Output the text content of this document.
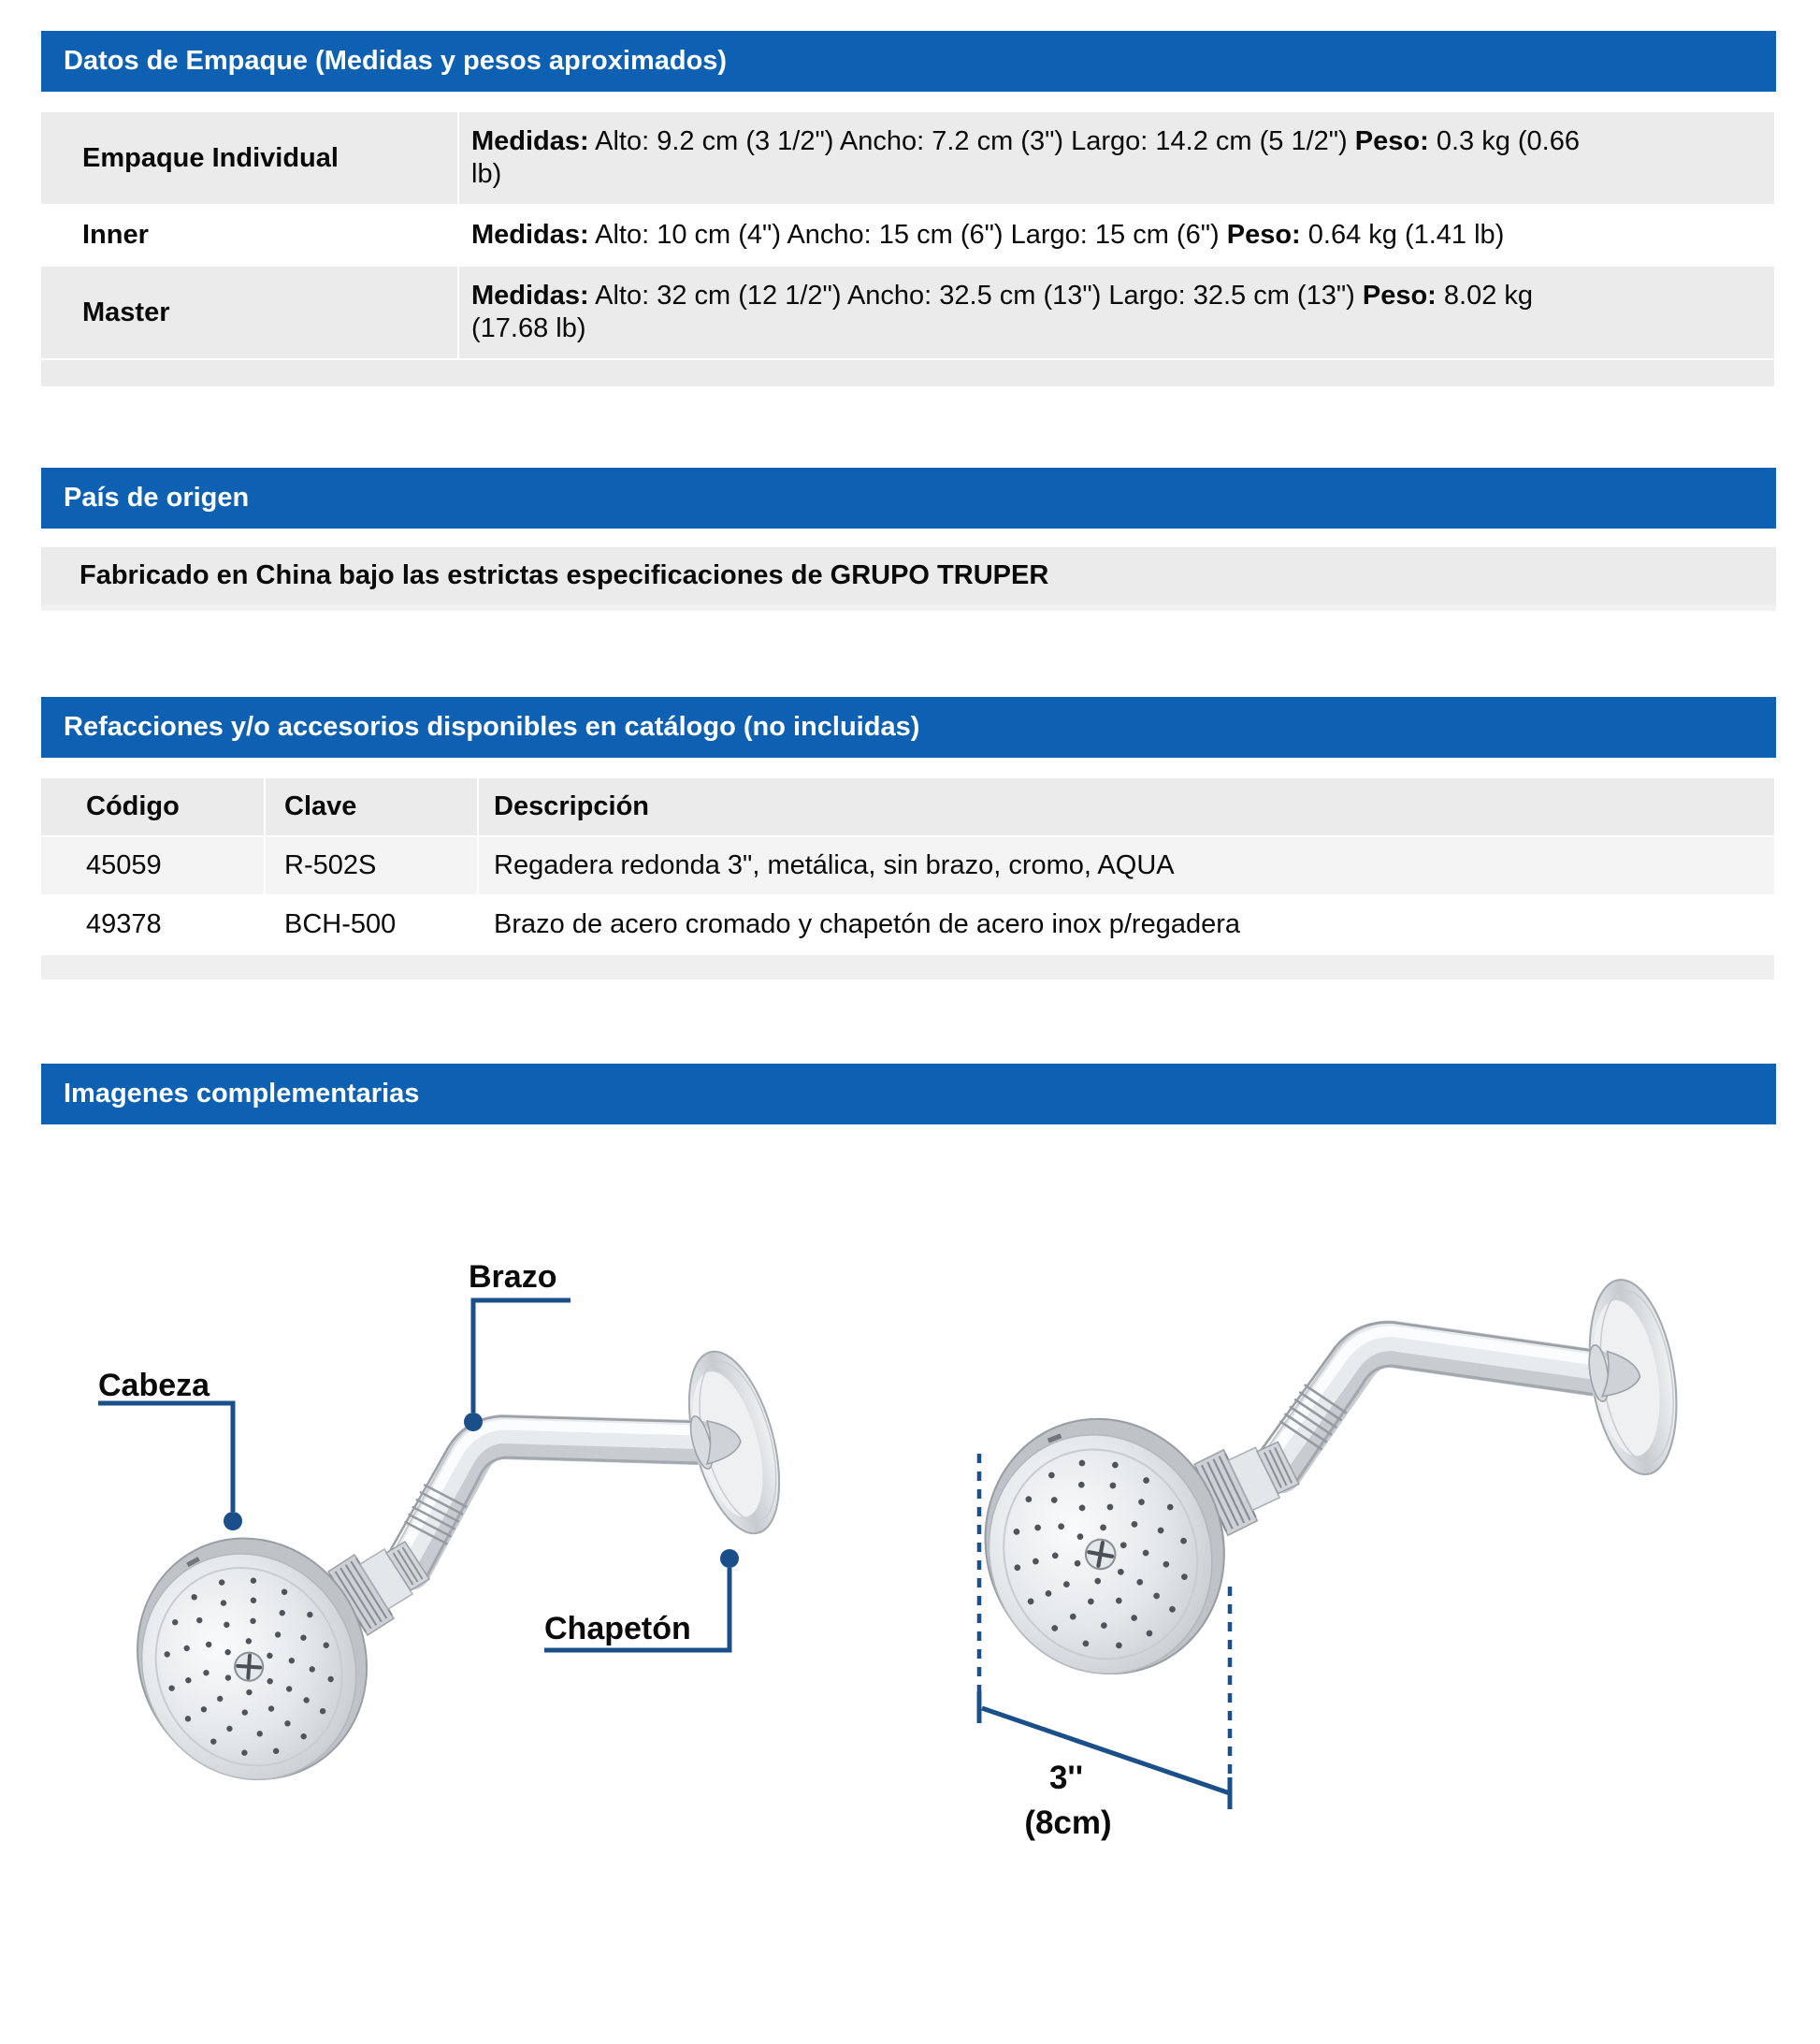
Datos de Empaque (Medidas y pesos aproximados)
Empaque Individual	Medidas: Alto: 9.2 cm (3 1/2") Ancho: 7.2 cm (3") Largo: 14.2 cm (5 1/2") Peso: 0.3 kg (0.66 lb)
Inner	Medidas: Alto: 10 cm (4") Ancho: 15 cm (6") Largo: 15 cm (6") Peso: 0.64 kg (1.41 lb)
Master	Medidas: Alto: 32 cm (12 1/2") Ancho: 32.5 cm (13") Largo: 32.5 cm (13") Peso: 8.02 kg (17.68 lb)

País de origen
Fabricado en China bajo las estrictas especificaciones de GRUPO TRUPER
Refacciones y/o accesorios disponibles en catálogo (no incluidas)
Código	Clave	Descripción
45059	R-502S	Regadera redonda 3", metálica, sin brazo, cromo, AQUA
49378	BCH-500	Brazo de acero cromado y chapetón de acero inox p/regadera

Imagenes complementarias
Brazo
Cabeza
Chapetón
3''
(8cm)
